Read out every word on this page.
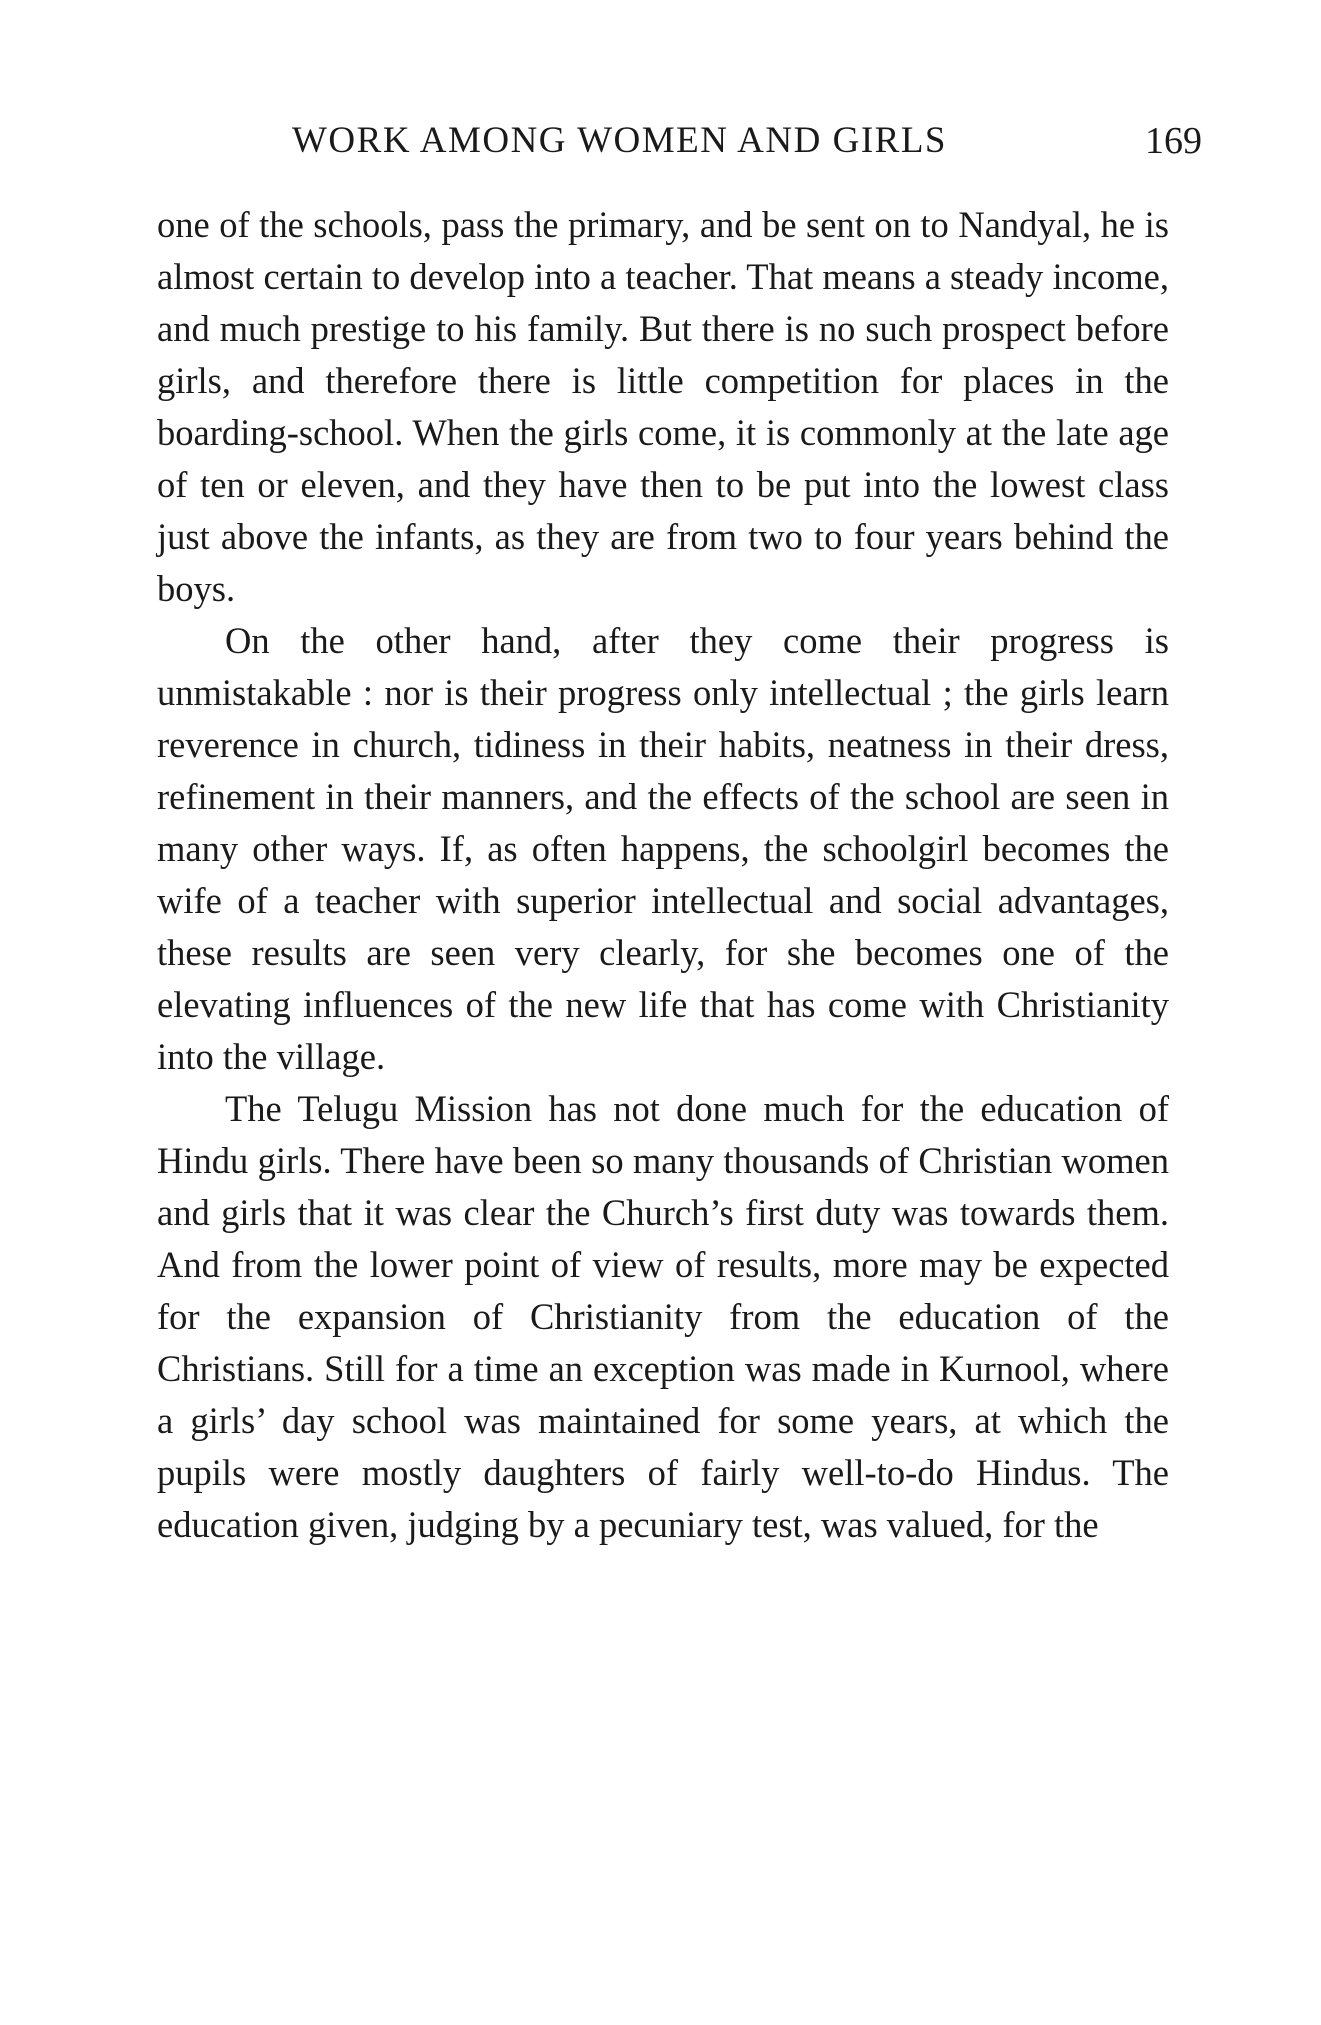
WORK AMONG WOMEN AND GIRLS	169

one of the schools, pass the primary, and be sent on to Nandyal, he is almost certain to develop into a teacher. That means a steady income, and much prestige to his family. But there is no such prospect before girls, and therefore there is little competition for places in the boarding-school. When the girls come, it is commonly at the late age of ten or eleven, and they have then to be put into the lowest class just above the infants, as they are from two to four years behind the boys.

On the other hand, after they come their progress is unmistakable : nor is their progress only intellectual ; the girls learn reverence in church, tidiness in their habits, neatness in their dress, refinement in their manners, and the effects of the school are seen in many other ways. If, as often happens, the schoolgirl becomes the wife of a teacher with superior intellectual and social advantages, these results are seen very clearly, for she becomes one of the elevating influences of the new life that has come with Christianity into the village.

The Telugu Mission has not done much for the education of Hindu girls. There have been so many thousands of Christian women and girls that it was clear the Church’s first duty was towards them. And from the lower point of view of results, more may be expected for the expansion of Christianity from the education of the Christians. Still for a time an exception was made in Kurnool, where a girls’ day school was maintained for some years, at which the pupils were mostly daughters of fairly well-to-do Hindus. The education given, judging by a pecuniary test, was valued, for the
